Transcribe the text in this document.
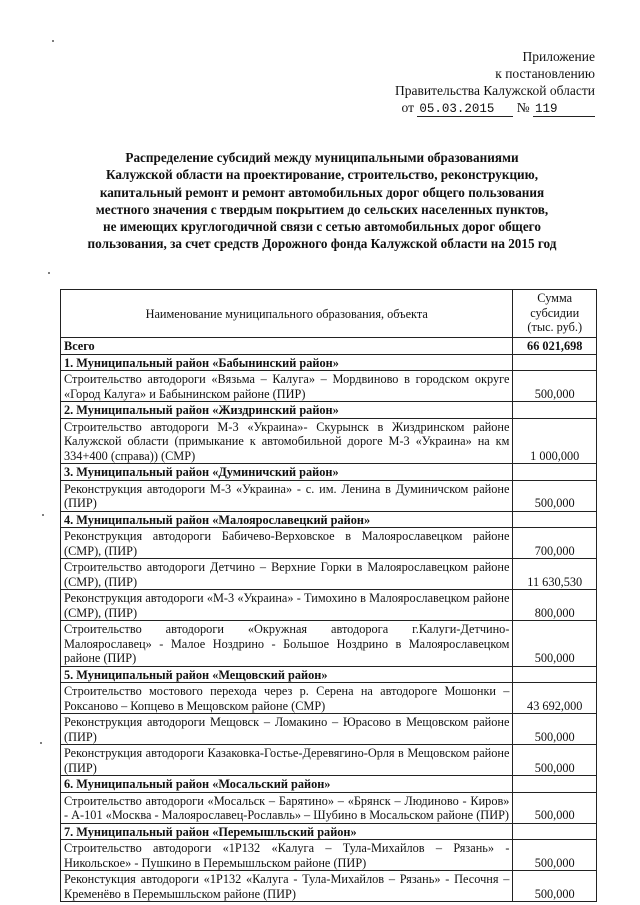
Приложение
к постановлению
Правительства Калужской области
от 05.03.2015 № 119
Распределение субсидий между муниципальными образованиями
Калужской области на проектирование, строительство, реконструкцию,
капитальный ремонт и ремонт автомобильных дорог общего пользования
местного значения с твердым покрытием до сельских населенных пунктов,
не имеющих круглогодичной связи с сетью автомобильных дорог общего
пользования, за счет средств Дорожного фонда Калужской области на 2015 год
Наименование муниципального образования, объекта	Сумма
субсидии
(тыс. руб.)

Всего	66 021,698
1. Муниципальный район «Бабынинский район»	
Строительство автодороги «Вязьма – Калуга» – Мордвиново в городском округе «Город Калуга» и Бабынинском районе (ПИР)	500,000
2. Муниципальный район «Жиздринский район»	
Строительство автодороги М-3 «Украина»- Скурынск в Жиздринском районе Калужской области (примыкание к автомобильной дороге М-3 «Украина» на км 334+400 (справа)) (СМР)	1 000,000
3. Муниципальный район «Думиничский район»	
Реконструкция автодороги М-3 «Украина» - с. им. Ленина в Думиничском районе (ПИР)	500,000
4. Муниципальный район «Малоярославецкий район»	
Реконструкция автодороги Бабичево-Верховское в Малоярославецком районе (СМР), (ПИР)	700,000
Строительство автодороги Детчино – Верхние Горки в Малоярославецком районе (СМР), (ПИР)	11 630,530
Реконструкция автодороги «М-3 «Украина» - Тимохино в Малоярославецком районе (СМР), (ПИР)	800,000
Строительство автодороги «Окружная автодорога г.Калуги-Детчино-Малоярославец» - Малое Ноздрино - Большое Ноздрино в Малоярославецком районе (ПИР)	500,000
5. Муниципальный район «Мещовский район»	
Строительство мостового перехода через р. Серена на автодороге Мошонки – Роксаново – Копцево в Мещовском районе (СМР)	43 692,000
Реконструкция автодороги Мещовск – Ломакино – Юрасово в Мещовском районе (ПИР)	500,000
Реконструкция автодороги Казаковка-Гостье-Деревягино-Орля в Мещовском районе (ПИР)	500,000
6. Муниципальный район «Мосальский район»	
Строительство автодороги «Мосальск – Барятино» – «Брянск – Людиново - Киров» - А-101 «Москва - Малоярославец-Рославль» – Шубино в Мосальском районе (ПИР)	500,000
7. Муниципальный район «Перемышльский район»	
Строительство автодороги «1Р132 «Калуга – Тула-Михайлов – Рязань» - Никольское» - Пушкино в Перемышльском районе (ПИР)	500,000
Реконстукция автодороги «1Р132 «Калуга - Тула-Михайлов – Рязань» - Песочня – Кременёво в Перемышльском районе (ПИР)	500,000
